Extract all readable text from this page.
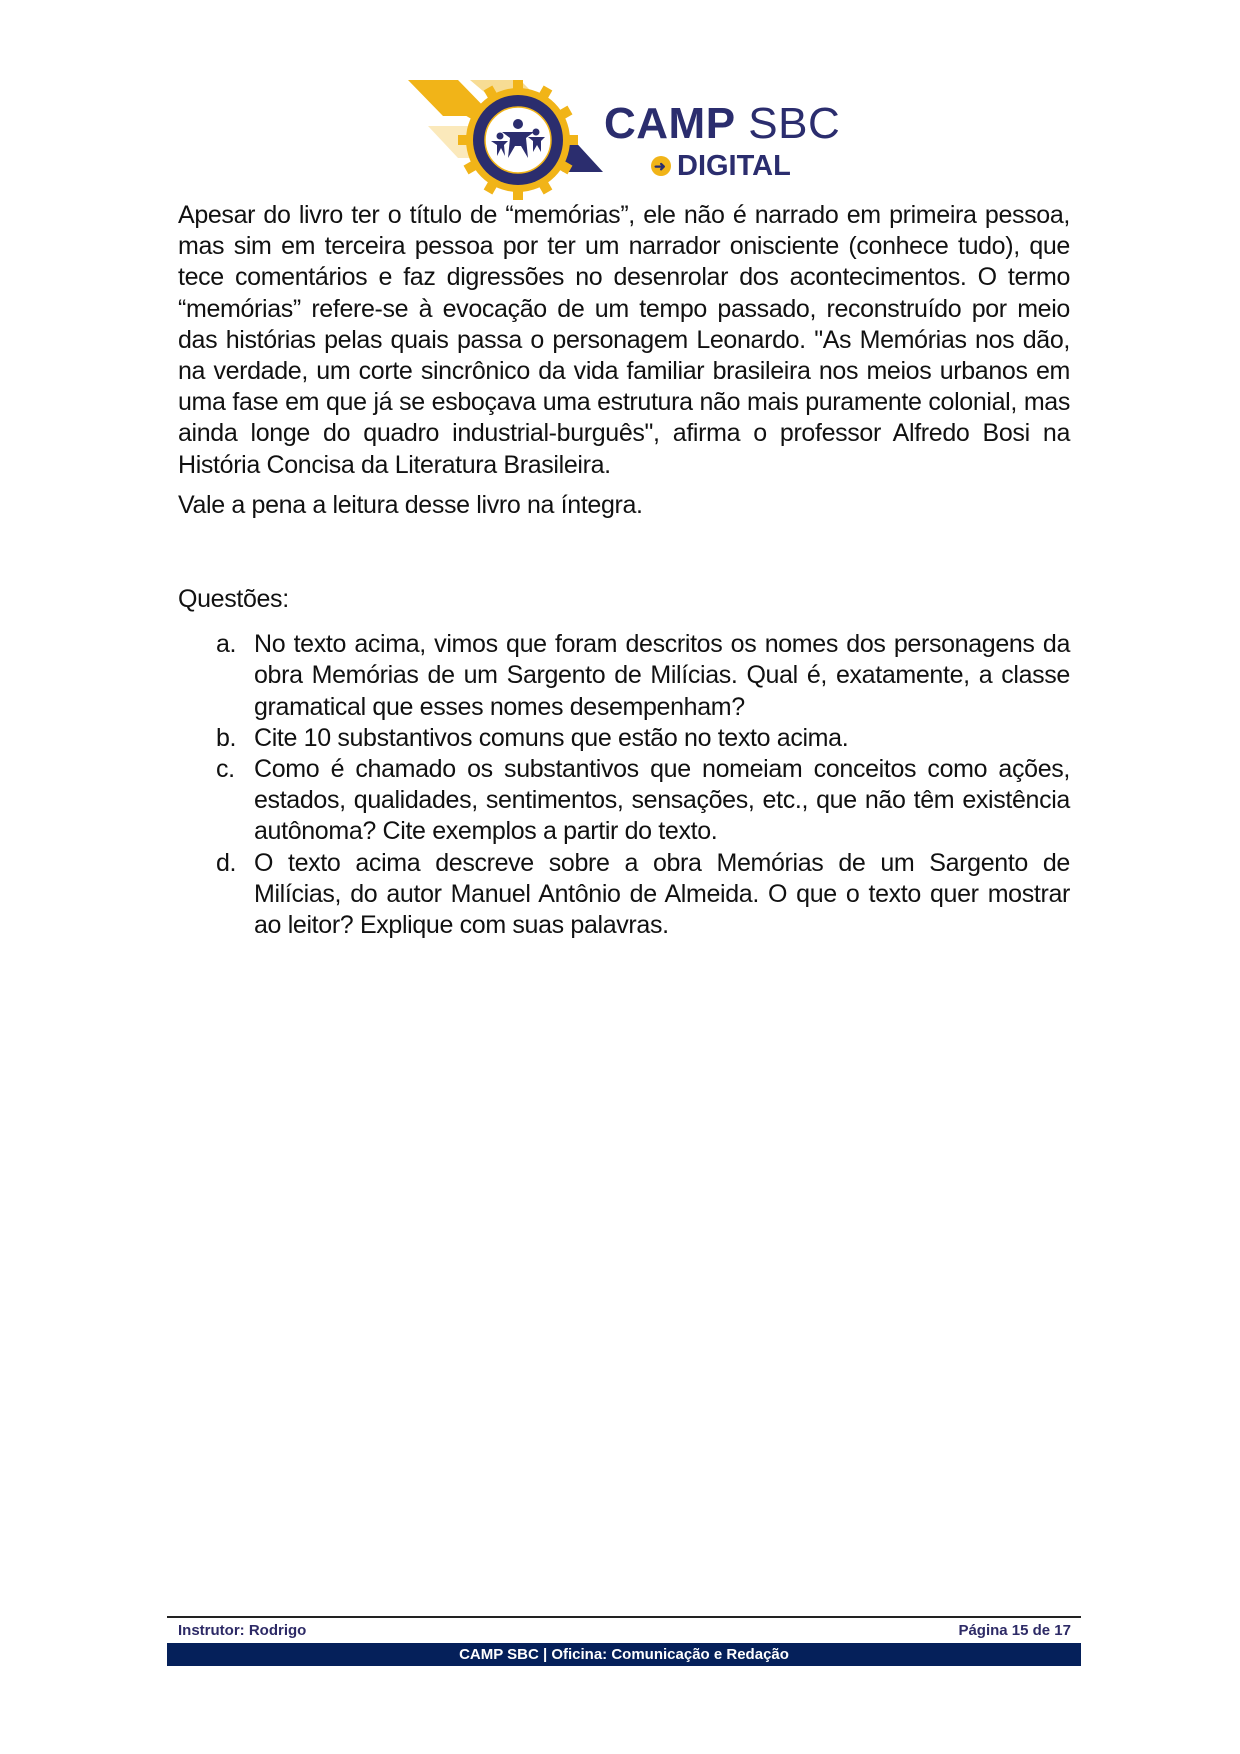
CAMP SBC
➜
DIGITAL

Apesar do livro ter o título de “memórias”, ele não é narrado em primeira pessoa, mas sim em terceira pessoa por ter um narrador onisciente (conhece tudo), que tece comentários e faz digressões no desenrolar dos acontecimentos. O termo “memórias” refere-se à evocação de um tempo passado, reconstruído por meio das histórias pelas quais passa o personagem Leonardo. "As Memórias nos dão, na verdade, um corte sincrônico da vida familiar brasileira nos meios urbanos em uma fase em que já se esboçava uma estrutura não mais puramente colonial, mas ainda longe do quadro industrial-burguês", afirma o professor Alfredo Bosi na História Concisa da Literatura Brasileira.

Vale a pena a leitura desse livro na íntegra.

Questões:

a. No texto acima, vimos que foram descritos os nomes dos personagens da obra Memórias de um Sargento de Milícias. Qual é, exatamente, a classe gramatical que esses nomes desempenham?
b. Cite 10 substantivos comuns que estão no texto acima.
c. Como é chamado os substantivos que nomeiam conceitos como ações, estados, qualidades, sentimentos, sensações, etc., que não têm existência autônoma? Cite exemplos a partir do texto.
d. O texto acima descreve sobre a obra Memórias de um Sargento de Milícias, do autor Manuel Antônio de Almeida. O que o texto quer mostrar ao leitor? Explique com suas palavras.
Instrutor: Rodrigo	Página 15 de 17
CAMP SBC | Oficina: Comunicação e Redação
